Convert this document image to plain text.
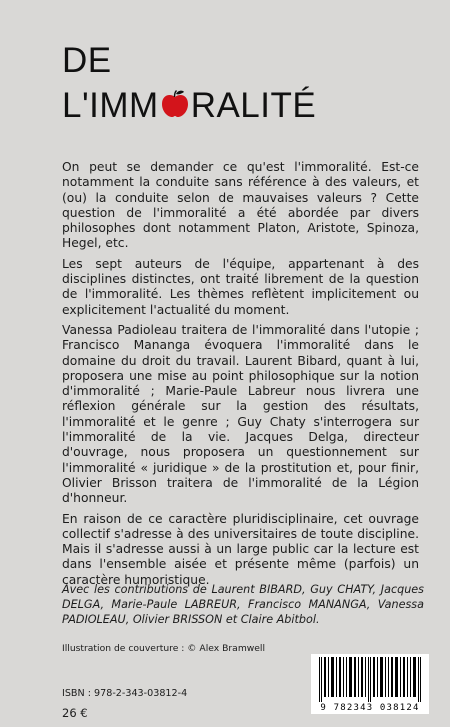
DE
L'IMM RALITÉ

On peut se demander ce qu'est l'immoralité. Est-ce notamment la conduite sans référence à des valeurs, et (ou) la conduite selon de mauvaises valeurs ? Cette question de l'immoralité a été abordée par divers philosophes dont notamment Platon, Aristote, Spinoza, Hegel, etc.

Les sept auteurs de l'équipe, appartenant à des disciplines distinctes, ont traité librement de la question de l'immoralité. Les thèmes reflètent implicitement ou explicitement l'actualité du moment.

Vanessa Padioleau traitera de l'immoralité dans l'utopie ; Francisco Mananga évoquera l'immoralité dans le domaine du droit du travail. Laurent Bibard, quant à lui, proposera une mise au point philosophique sur la notion d'immoralité ; Marie-Paule Labreur nous livrera une réflexion générale sur la gestion des résultats, l'immoralité et le genre ; Guy Chaty s'interrogera sur l'immoralité de la vie. Jacques Delga, directeur d'ouvrage, nous proposera un questionnement sur l'immoralité « juridique » de la prostitution et, pour finir, Olivier Brisson traitera de l'immoralité de la Légion d'honneur.

En raison de ce caractère pluridisciplinaire, cet ouvrage collectif s'adresse à des universitaires de toute discipline. Mais il s'adresse aussi à un large public car la lecture est dans l'ensemble aisée et présente même (parfois) un caractère humoristique.

Avec les contributions de Laurent BIBARD, Guy CHATY, Jacques DELGA, Marie-Paule LABREUR, Francisco MANANGA, Vanessa PADIOLEAU, Olivier BRISSON et Claire Abitbol.
Illustration de couverture : © Alex Bramwell
ISBN : 978-2-343-03812-4
26 €	9 782343 038124
